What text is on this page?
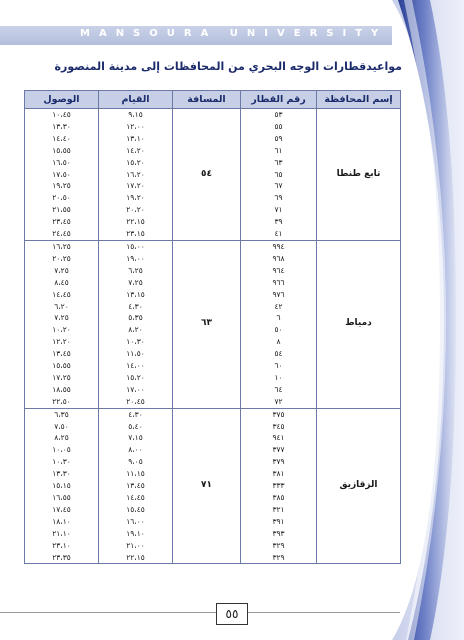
MANSOURA UNIVERSITY
مواعيدقطارات الوجه البحري من المحافظات إلى مدينة المنصورة
إسم المحافظة	رقم القطار	المسافة	القيام	الوصول
تابع طنطا	٥٣	٥٤	٩،١٥	١٠،٤٥
	٥٥		١٢،٠٠	١٣،٣٠
	٥٩		١٣،١٠	١٤،٤٠
	٦١		١٤،٢٠	١٥،٥٥
	٦٣		١٥،٢٠	١٦،٥٠
	٦٥		١٦،٢٠	١٧،٥٠
	٦٧		١٧،٢٠	١٩،٢٥
	٦٩		١٩،٢٠	٢٠،٥٠
	٧١		٢٠،٢٠	٢١،٥٥
	٣٩		٢٢،١٥	٢٣،٤٥
	٤١		٢٣،١٥	٢٤،٤٥
دمياط	٩٩٤	٦٣	١٥،٠٠	١٦،٢٥
	٩٦٨		١٩،٠٠	٢٠،٢٥
	٩٦٤		٦،٢٥	٧،٢٥
	٩٦٦		٧،٢٥	٨،٤٥
	٩٧٦		١٣،١٥	١٤،٤٥
	٤٢		٤،٣٠	٦،٢٠
	٦		٥،٣٥	٧،٢٥
	٥٠		٨،٢٠	١٠،٢٠
	٨		١٠،٣٠	١٢،٢٠
	٥٤		١١،٥٠	١٣،٤٥
	٦٠		١٤،٠٠	١٥،٥٥
	١٠		١٥،٢٠	١٧،٢٥
	٦٤		١٧،٠٠	١٨،٥٥
	٧٢		٢٠،٤٥	٢٢،٥٠
الزقازيق	٣٧٥	٧١	٤،٣٠	٦،٣٥
	٣٤٥		٥،٤٠	٧،٥٠
	٩٤١		٧،١٥	٨،٢٥
	٣٧٧		٨،٠٠	١٠،٠٥
	٣٧٩		٩،٠٥	١٠،٣٠
	٣٨١		١١،١٥	١٣،٣٠
	٣٣٣		١٣،٤٥	١٥،١٥
	٣٨٥		١٤،٤٥	١٦،٥٥
	٣٢١		١٥،٤٥	١٧،٤٥
	٣٩١		١٦،٠٠	١٨،١٠
	٣٩٣		١٩،١٠	٢١،١٠
	٣٢٩		٢١،٠٠	٢٣،١٠
	٣٢٩		٢٢،١٥	٢٣،٣٥
٥٥
